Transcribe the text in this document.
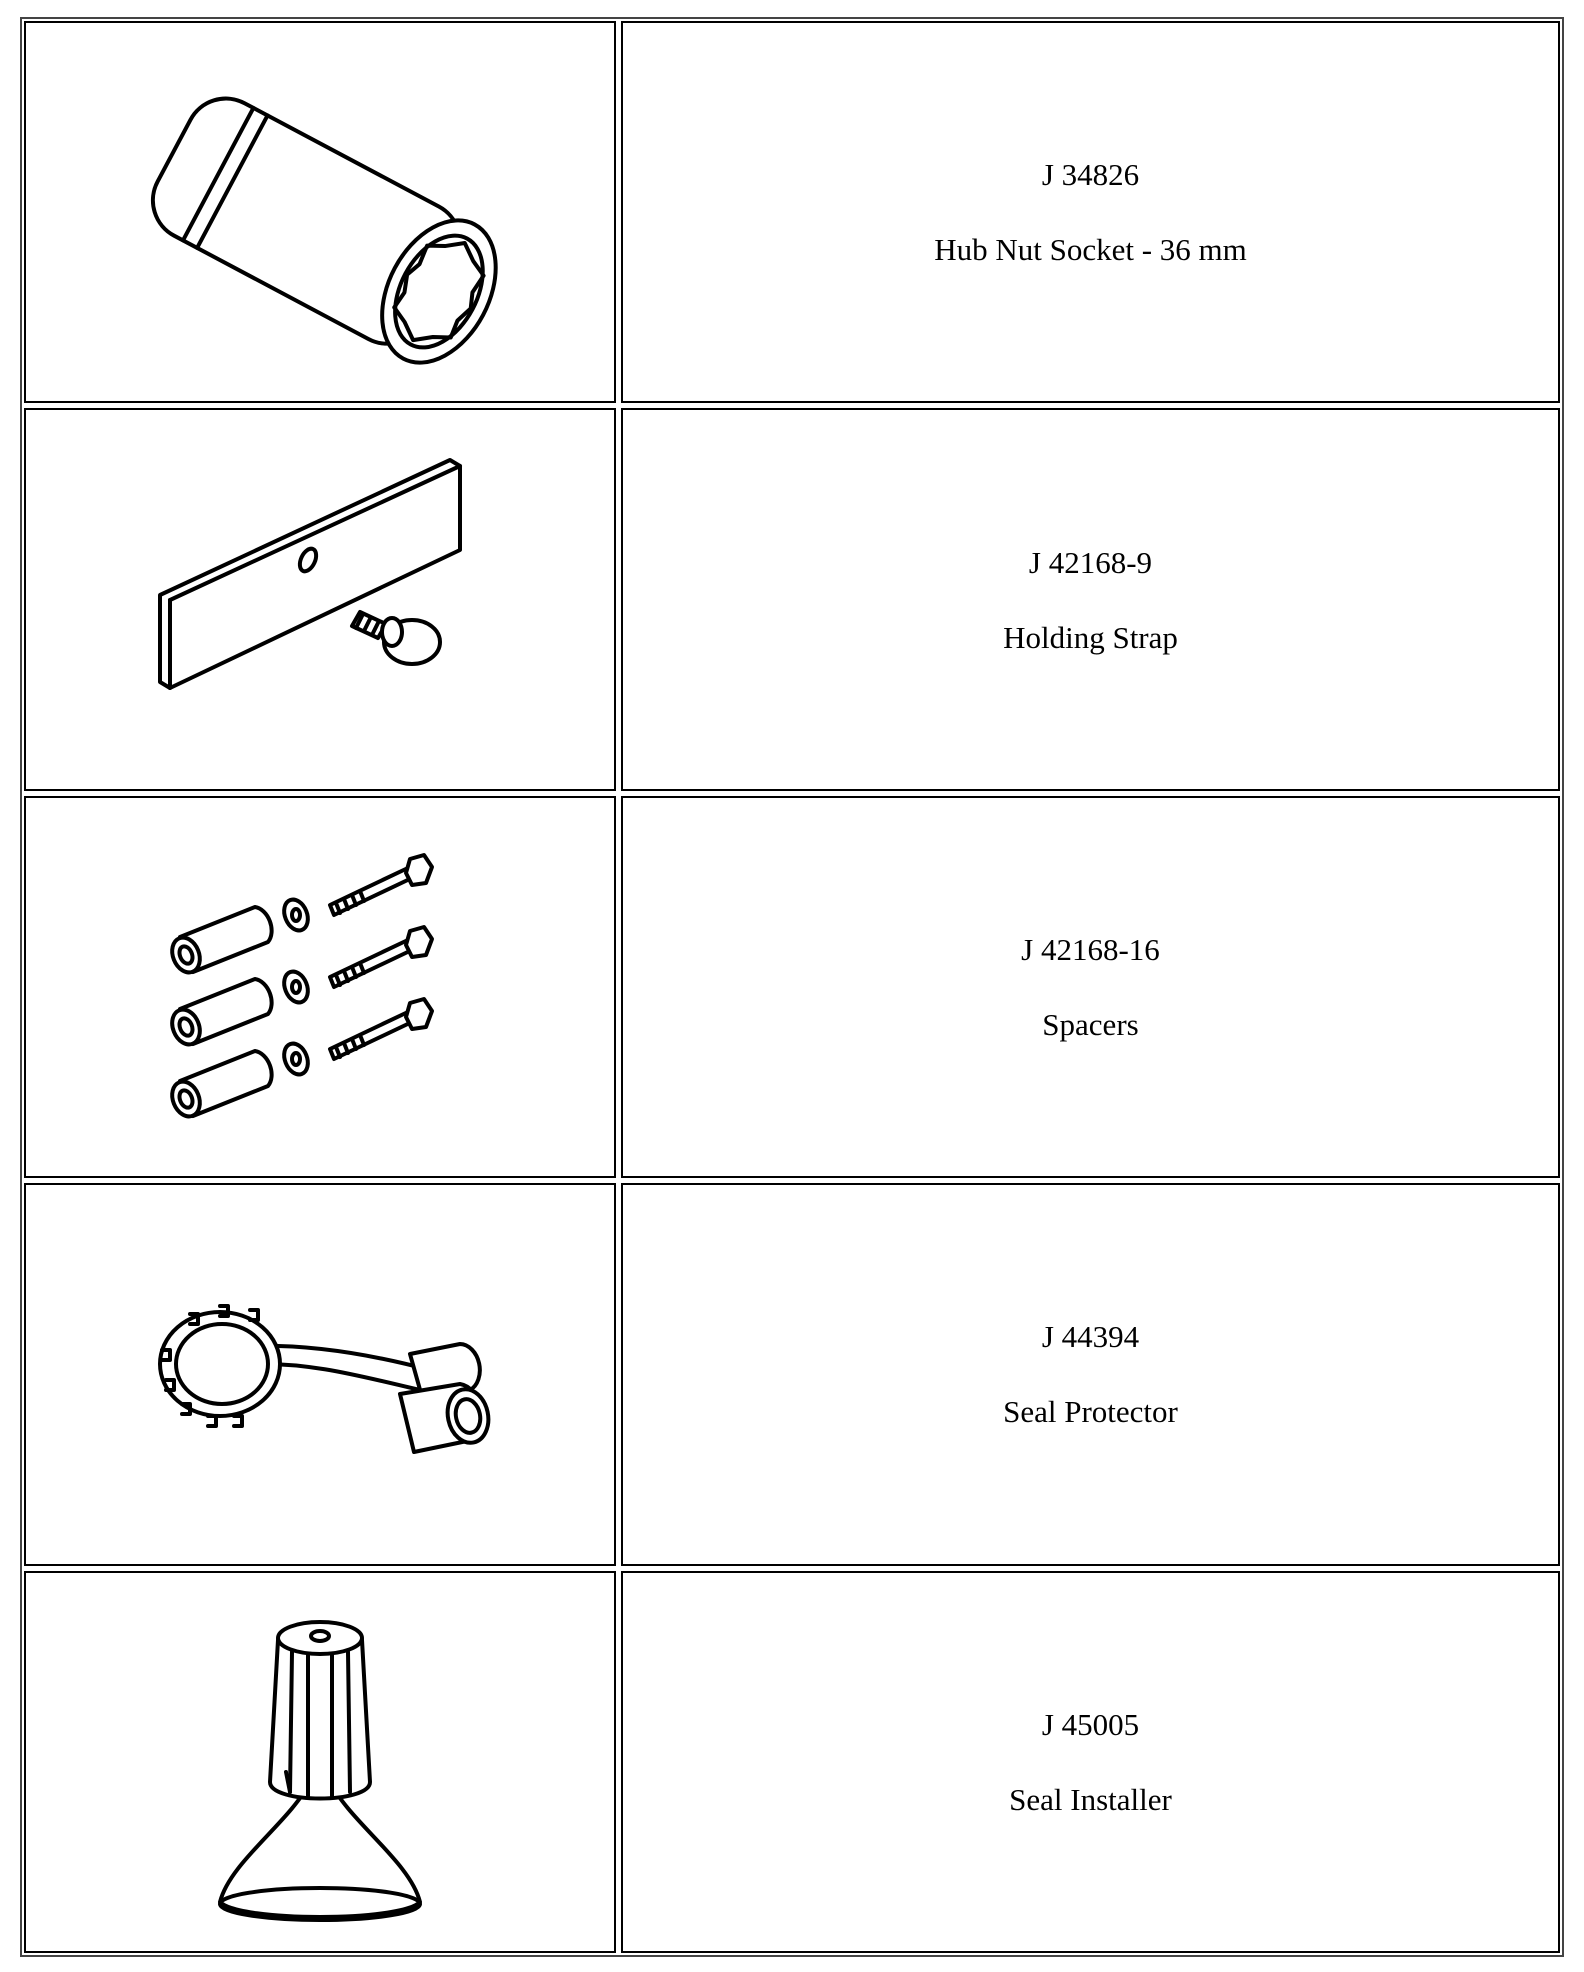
J 34826
Hub Nut Socket - 36 mm
J 42168-9
Holding Strap
J 42168-16
Spacers
J 44394
Seal Protector
J 45005
Seal Installer
